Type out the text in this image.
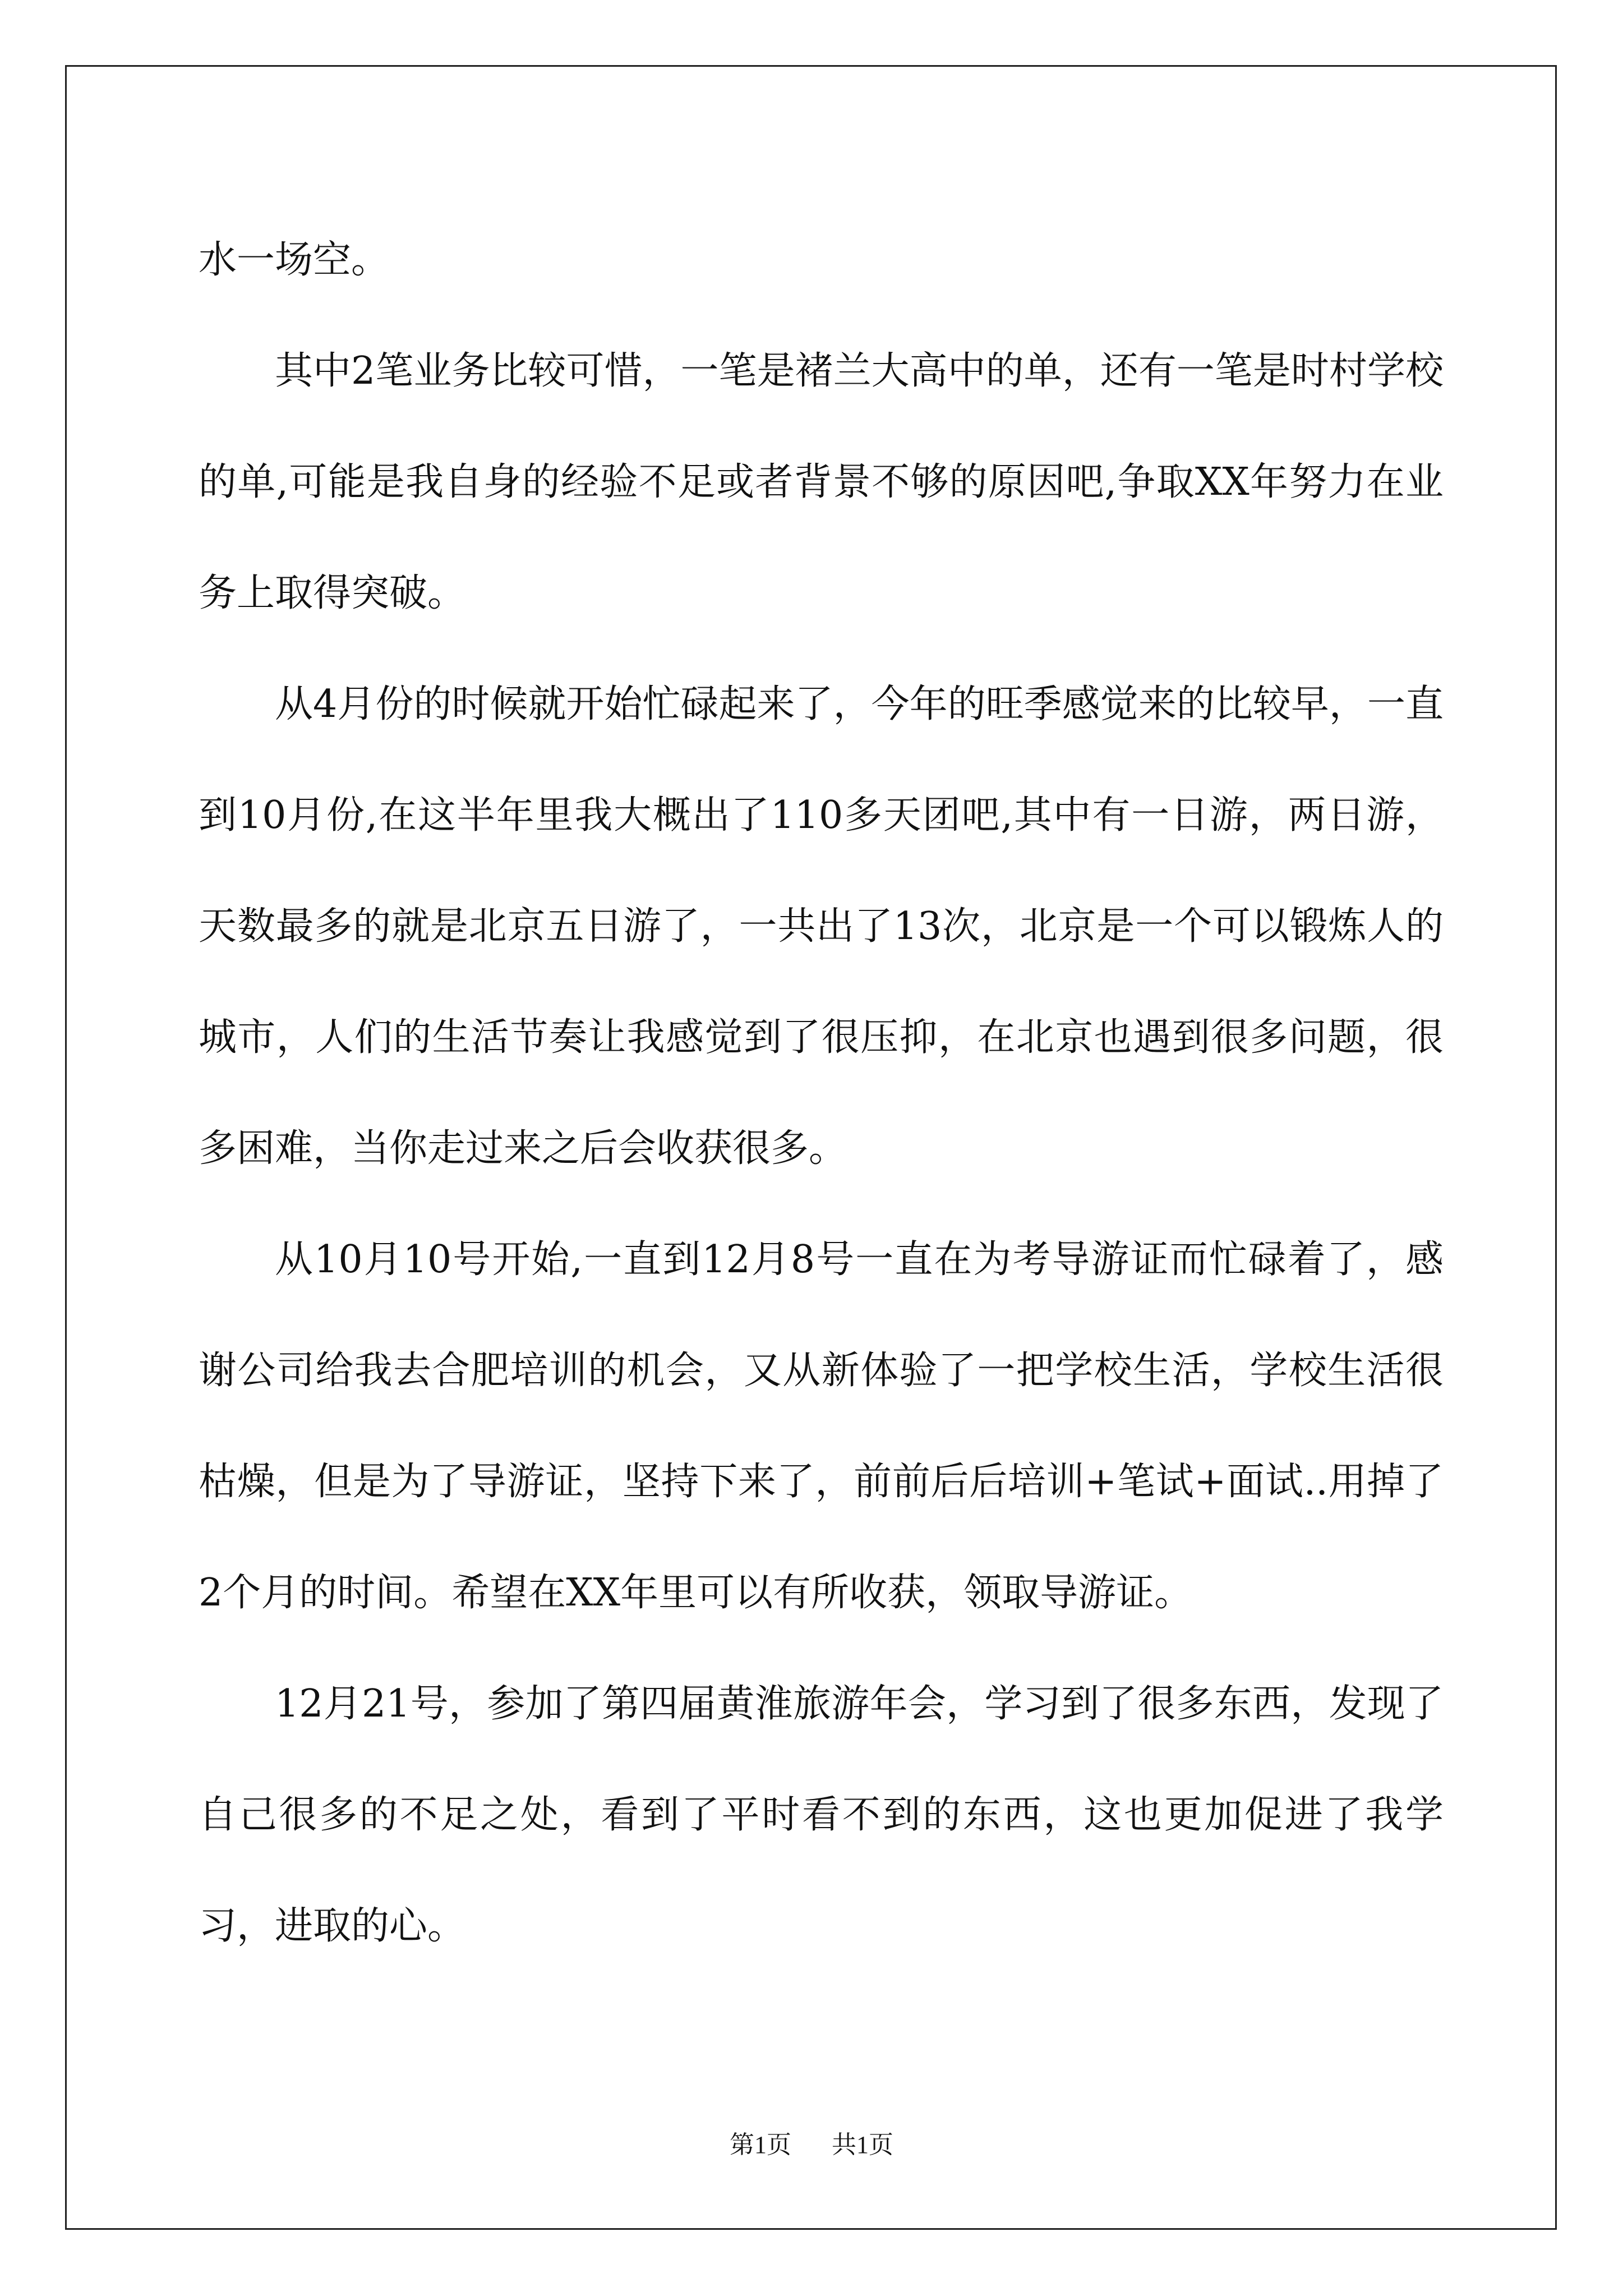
水一场空。

其中2笔业务比较可惜，一笔是褚兰大高中的单，还有一笔是时村学校的单,可能是我自身的经验不足或者背景不够的原因吧,争取XX年努力在业务上取得突破。

从4月份的时候就开始忙碌起来了，今年的旺季感觉来的比较早，一直到10月份,在这半年里我大概出了110多天团吧,其中有一日游，两日游，天数最多的就是北京五日游了，一共出了13次，北京是一个可以锻炼人的城市，人们的生活节奏让我感觉到了很压抑，在北京也遇到很多问题，很多困难，当你走过来之后会收获很多。

从10月10号开始,一直到12月8号一直在为考导游证而忙碌着了，感谢公司给我去合肥培训的机会，又从新体验了一把学校生活，学校生活很枯燥，但是为了导游证，坚持下来了，前前后后培训+笔试+面试..用掉了2个月的时间。希望在XX年里可以有所收获，领取导游证。

12月21号，参加了第四届黄淮旅游年会，学习到了很多东西，发现了自己很多的不足之处，看到了平时看不到的东西，这也更加促进了我学习，进取的心。

第1页 共1页
